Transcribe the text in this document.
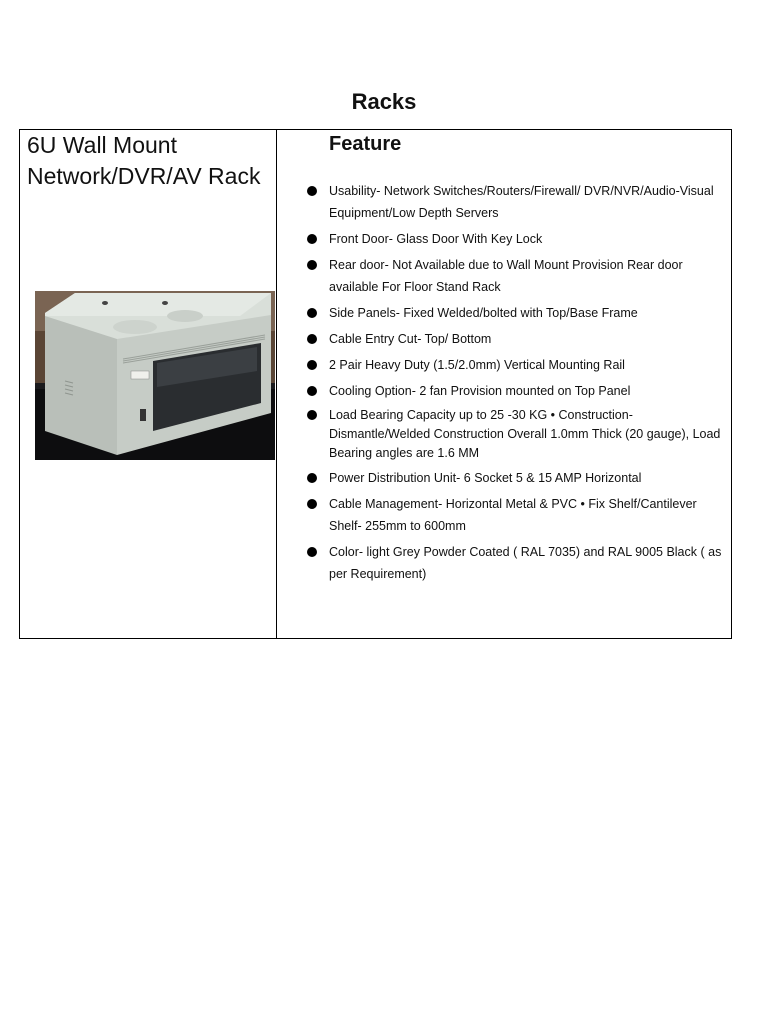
Racks
6U Wall Mount Network/DVR/AV Rack
Feature
Usability- Network Switches/Routers/Firewall/ DVR/NVR/Audio-Visual Equipment/Low Depth Servers
Front Door- Glass Door With Key Lock
Rear door- Not Available due to Wall Mount Provision Rear door available For Floor Stand Rack
Side Panels- Fixed Welded/bolted with Top/Base Frame
Cable Entry Cut- Top/ Bottom
2 Pair Heavy Duty (1.5/2.0mm) Vertical Mounting Rail
Cooling Option- 2 fan Provision mounted on Top Panel
Load Bearing Capacity up to 25 -30 KG • Construction- Dismantle/Welded Construction Overall 1.0mm Thick (20 gauge), Load Bearing angles are 1.6 MM
Power Distribution Unit- 6 Socket 5 & 15 AMP Horizontal
Cable Management- Horizontal Metal & PVC • Fix Shelf/Cantilever Shelf- 255mm to 600mm
Color- light Grey Powder Coated ( RAL 7035) and RAL 9005 Black ( as per Requirement)
